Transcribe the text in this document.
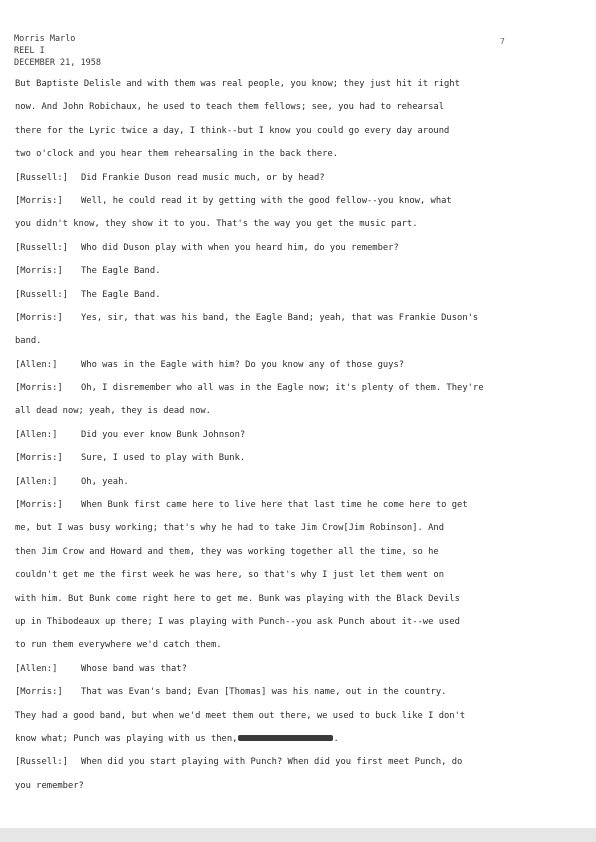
Morris Marlo
REEL I
DECEMBER 21, 1958
7
But Baptiste Delisle and with them was real people, you know; they just hit it right
now. And John Robichaux, he used to teach them fellows; see, you had to rehearsal
there for the Lyric twice a day, I think--but I know you could go every day around
two o'clock and you hear them rehearsaling in the back there.
[Russell:] Did Frankie Duson read music much, or by head?
[Morris:] Well, he could read it by getting with the good fellow--you know, what
you didn't know, they show it to you. That's the way you get the music part.
[Russell:] Who did Duson play with when you heard him, do you remember?
[Morris:] The Eagle Band.
[Russell:] The Eagle Band.
[Morris:] Yes, sir, that was his band, the Eagle Band; yeah, that was Frankie Duson's
band.
[Allen:]	Who was in the Eagle with him? Do you know any of those guys?
[Morris:] Oh, I disremember who all was in the Eagle now; it's plenty of them. They're
all dead now; yeah, they is dead now.
[Allen:]	Did you ever know Bunk Johnson?
[Morris:] Sure, I used to play with Bunk.
[Allen:]	Oh, yeah.
[Morris:] When Bunk first came here to live here that last time he come here to get
me, but I was busy working; that's why he had to take Jim Crow[Jim Robinson]. And
then Jim Crow and Howard and them, they was working together all the time, so he
couldn't get me the first week he was here, so that's why I just let them went on
with him. But Bunk come right here to get me. Bunk was playing with the Black Devils
up in Thibodeaux up there; I was playing with Punch--you ask Punch about it--we used
to run them everywhere we'd catch them.
[Allen:]	Whose band was that?
[Morris:] That was Evan's band; Evan [Thomas] was his name, out in the country.
They had a good band, but when we'd meet them out there, we used to buck like I don't
know what; Punch was playing with us then,	.
[Russell:] When did you start playing with Punch? When did you first meet Punch, do
you remember?
